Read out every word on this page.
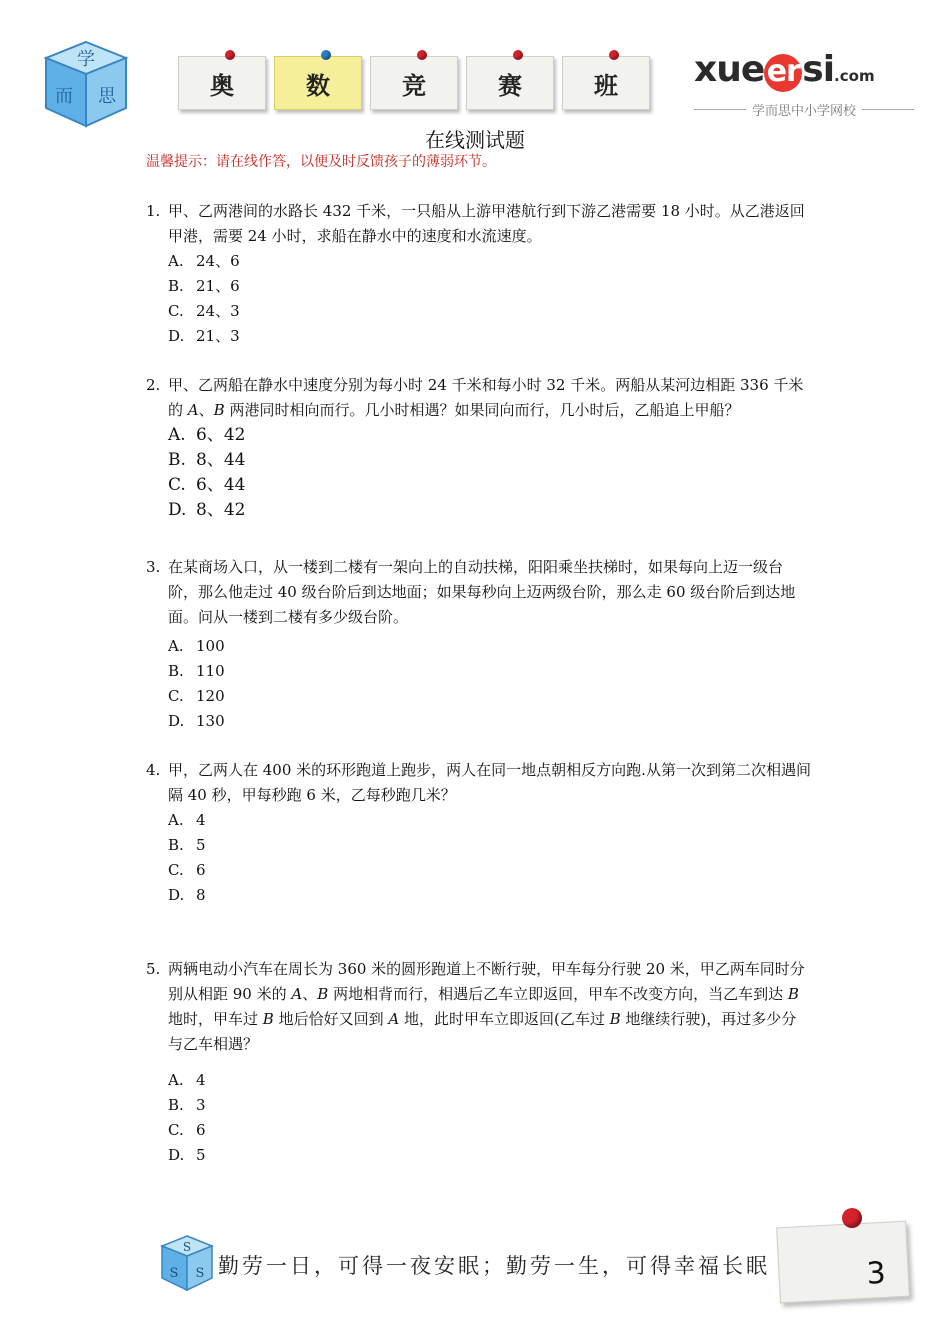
学
而 思	奥	数	竞	赛	班 xueersi.com
学而思中小学网校
在线测试题
温馨提示：请在线作答，以便及时反馈孩子的薄弱环节。
1. 甲、乙两港间的水路长 432 千米，一只船从上游甲港航行到下游乙港需要 18 小时。从乙港返回甲港，需要 24 小时，求船在静水中的速度和水流速度。
A. 24、6
B. 21、6
C. 24、3
D. 21、3
2. 甲、乙两船在静水中速度分别为每小时 24 千米和每小时 32 千米。两船从某河边相距 336 千米的 A、B 两港同时相向而行。几小时相遇？如果同向而行，几小时后，乙船追上甲船？
A. 6、42
B. 8、44
C. 6、44
D. 8、42
3. 在某商场入口，从一楼到二楼有一架向上的自动扶梯，阳阳乘坐扶梯时，如果每向上迈一级台阶，那么他走过 40 级台阶后到达地面；如果每秒向上迈两级台阶，那么走 60 级台阶后到达地面。问从一楼到二楼有多少级台阶。
A. 100
B. 110
C. 120
D. 130
4. 甲，乙两人在 400 米的环形跑道上跑步，两人在同一地点朝相反方向跑.从第一次到第二次相遇间隔 40 秒，甲每秒跑 6 米，乙每秒跑几米？
A. 4
B. 5
C. 6
D. 8
5. 两辆电动小汽车在周长为 360 米的圆形跑道上不断行驶，甲车每分行驶 20 米，甲乙两车同时分别从相距 90 米的 A、B 两地相背而行，相遇后乙车立即返回，甲车不改变方向，当乙车到达 B 地时，甲车过 B 地后恰好又回到 A 地，此时甲车立即返回(乙车过 B 地继续行驶)，再过多少分与乙车相遇？
A. 4
B. 3
C. 6
D. 5
S
S S 勤劳一日，可得一夜安眠；勤劳一生，可得幸福长眠	3
